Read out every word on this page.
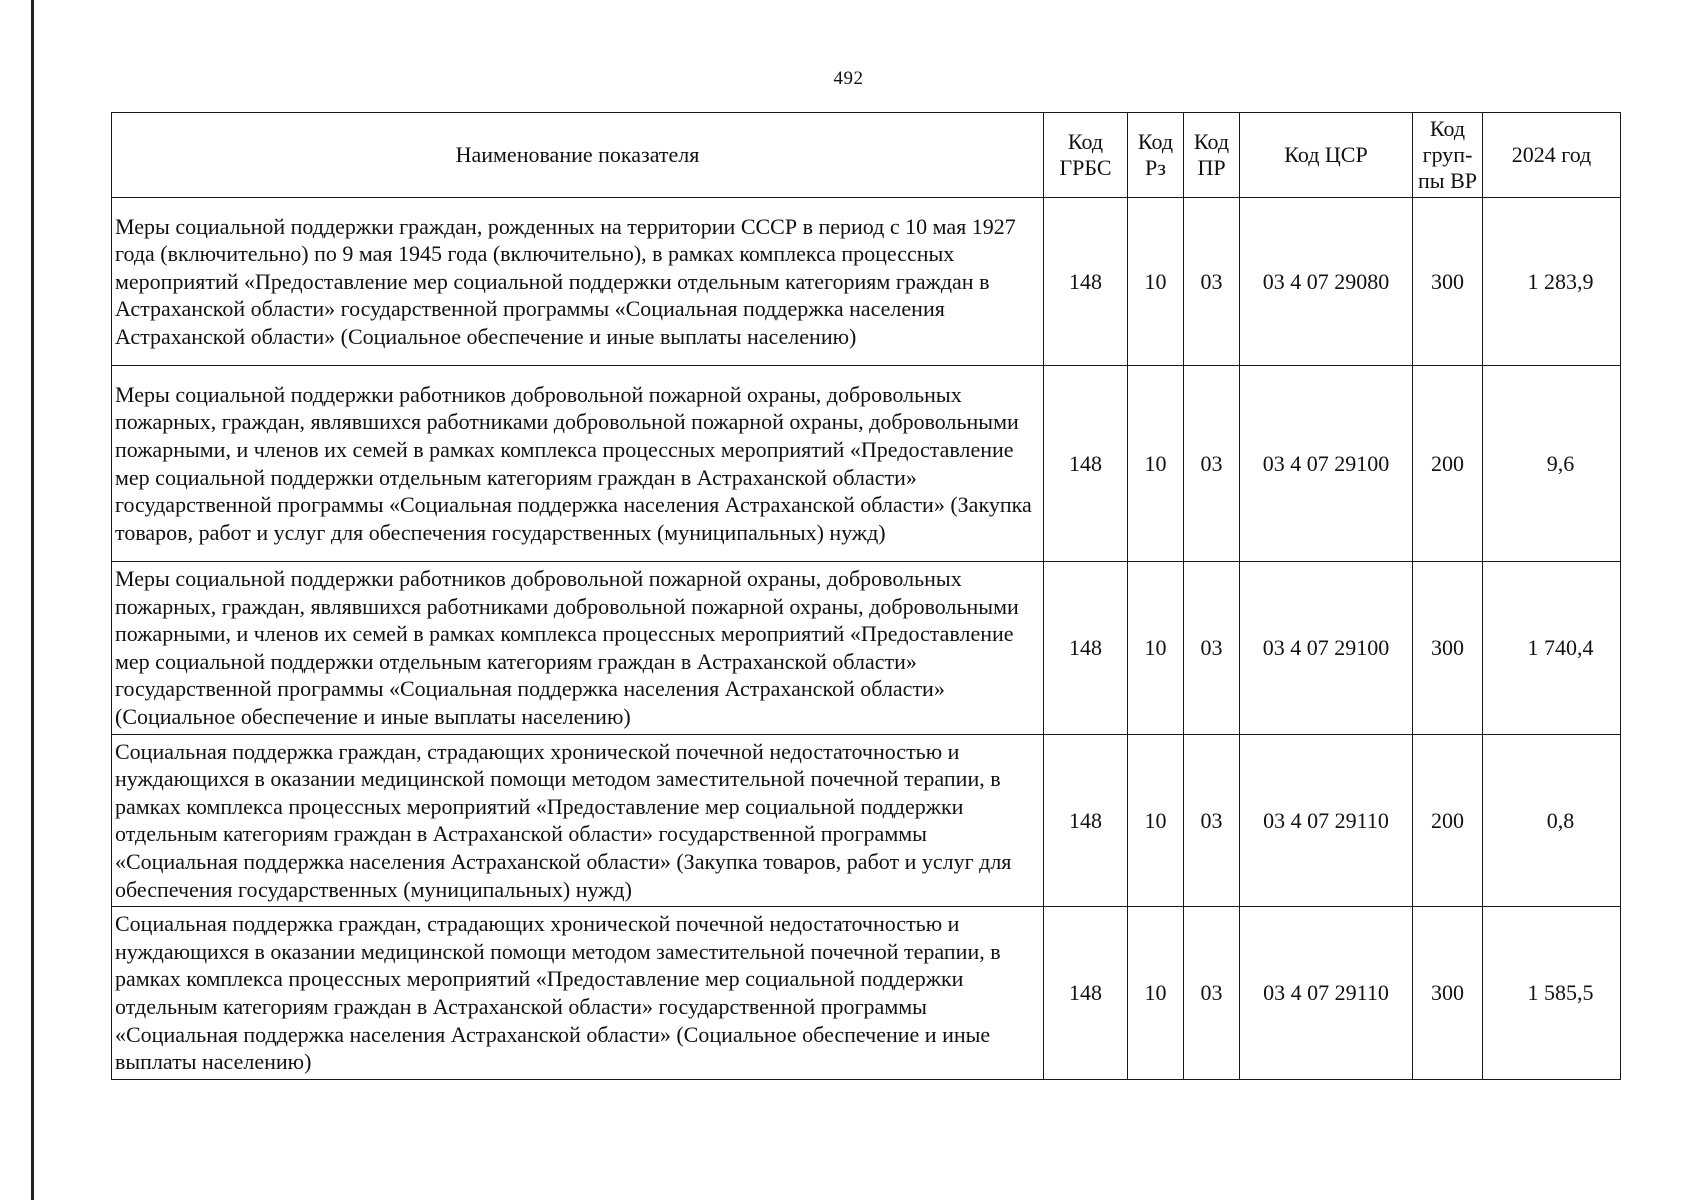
492
Наименование показателя	Код ГРБС	Код Рз	Код ПР	Код ЦСР	Код груп-пы ВР	2024 год
Меры социальной поддержки граждан, рожденных на территории СССР в период с 10 мая 1927 года (включительно) по 9 мая 1945 года (включительно), в рамках комплекса процессных мероприятий «Предоставление мер социальной поддержки отдельным категориям граждан в Астраханской области» государственной программы «Социальная поддержка населения Астраханской области» (Социальное обеспечение и иные выплаты населению)	148	10	03	03 4 07 29080	300	1 283,9
Меры социальной поддержки работников добровольной пожарной охраны, добровольных пожарных, граждан, являвшихся работниками добровольной пожарной охраны, добровольными пожарными, и членов их семей в рамках комплекса процессных мероприятий «Предоставление мер социальной поддержки отдельным категориям граждан в Астраханской области» государственной программы «Социальная поддержка населения Астраханской области» (Закупка товаров, работ и услуг для обеспечения государственных (муниципальных) нужд)	148	10	03	03 4 07 29100	200	9,6
Меры социальной поддержки работников добровольной пожарной охраны, добровольных пожарных, граждан, являвшихся работниками добровольной пожарной охраны, добровольными пожарными, и членов их семей в рамках комплекса процессных мероприятий «Предоставление мер социальной поддержки отдельным категориям граждан в Астраханской области» государственной программы «Социальная поддержка населения Астраханской области» (Социальное обеспечение и иные выплаты населению)	148	10	03	03 4 07 29100	300	1 740,4
Социальная поддержка граждан, страдающих хронической почечной недостаточностью и нуждающихся в оказании медицинской помощи методом заместительной почечной терапии, в рамках комплекса процессных мероприятий «Предоставление мер социальной поддержки отдельным категориям граждан в Астраханской области» государственной программы «Социальная поддержка населения Астраханской области» (Закупка товаров, работ и услуг для обеспечения государственных (муниципальных) нужд)	148	10	03	03 4 07 29110	200	0,8
Социальная поддержка граждан, страдающих хронической почечной недостаточностью и нуждающихся в оказании медицинской помощи методом заместительной почечной терапии, в рамках комплекса процессных мероприятий «Предоставление мер социальной поддержки отдельным категориям граждан в Астраханской области» государственной программы «Социальная поддержка населения Астраханской области» (Социальное обеспечение и иные выплаты населению)	148	10	03	03 4 07 29110	300	1 585,5
